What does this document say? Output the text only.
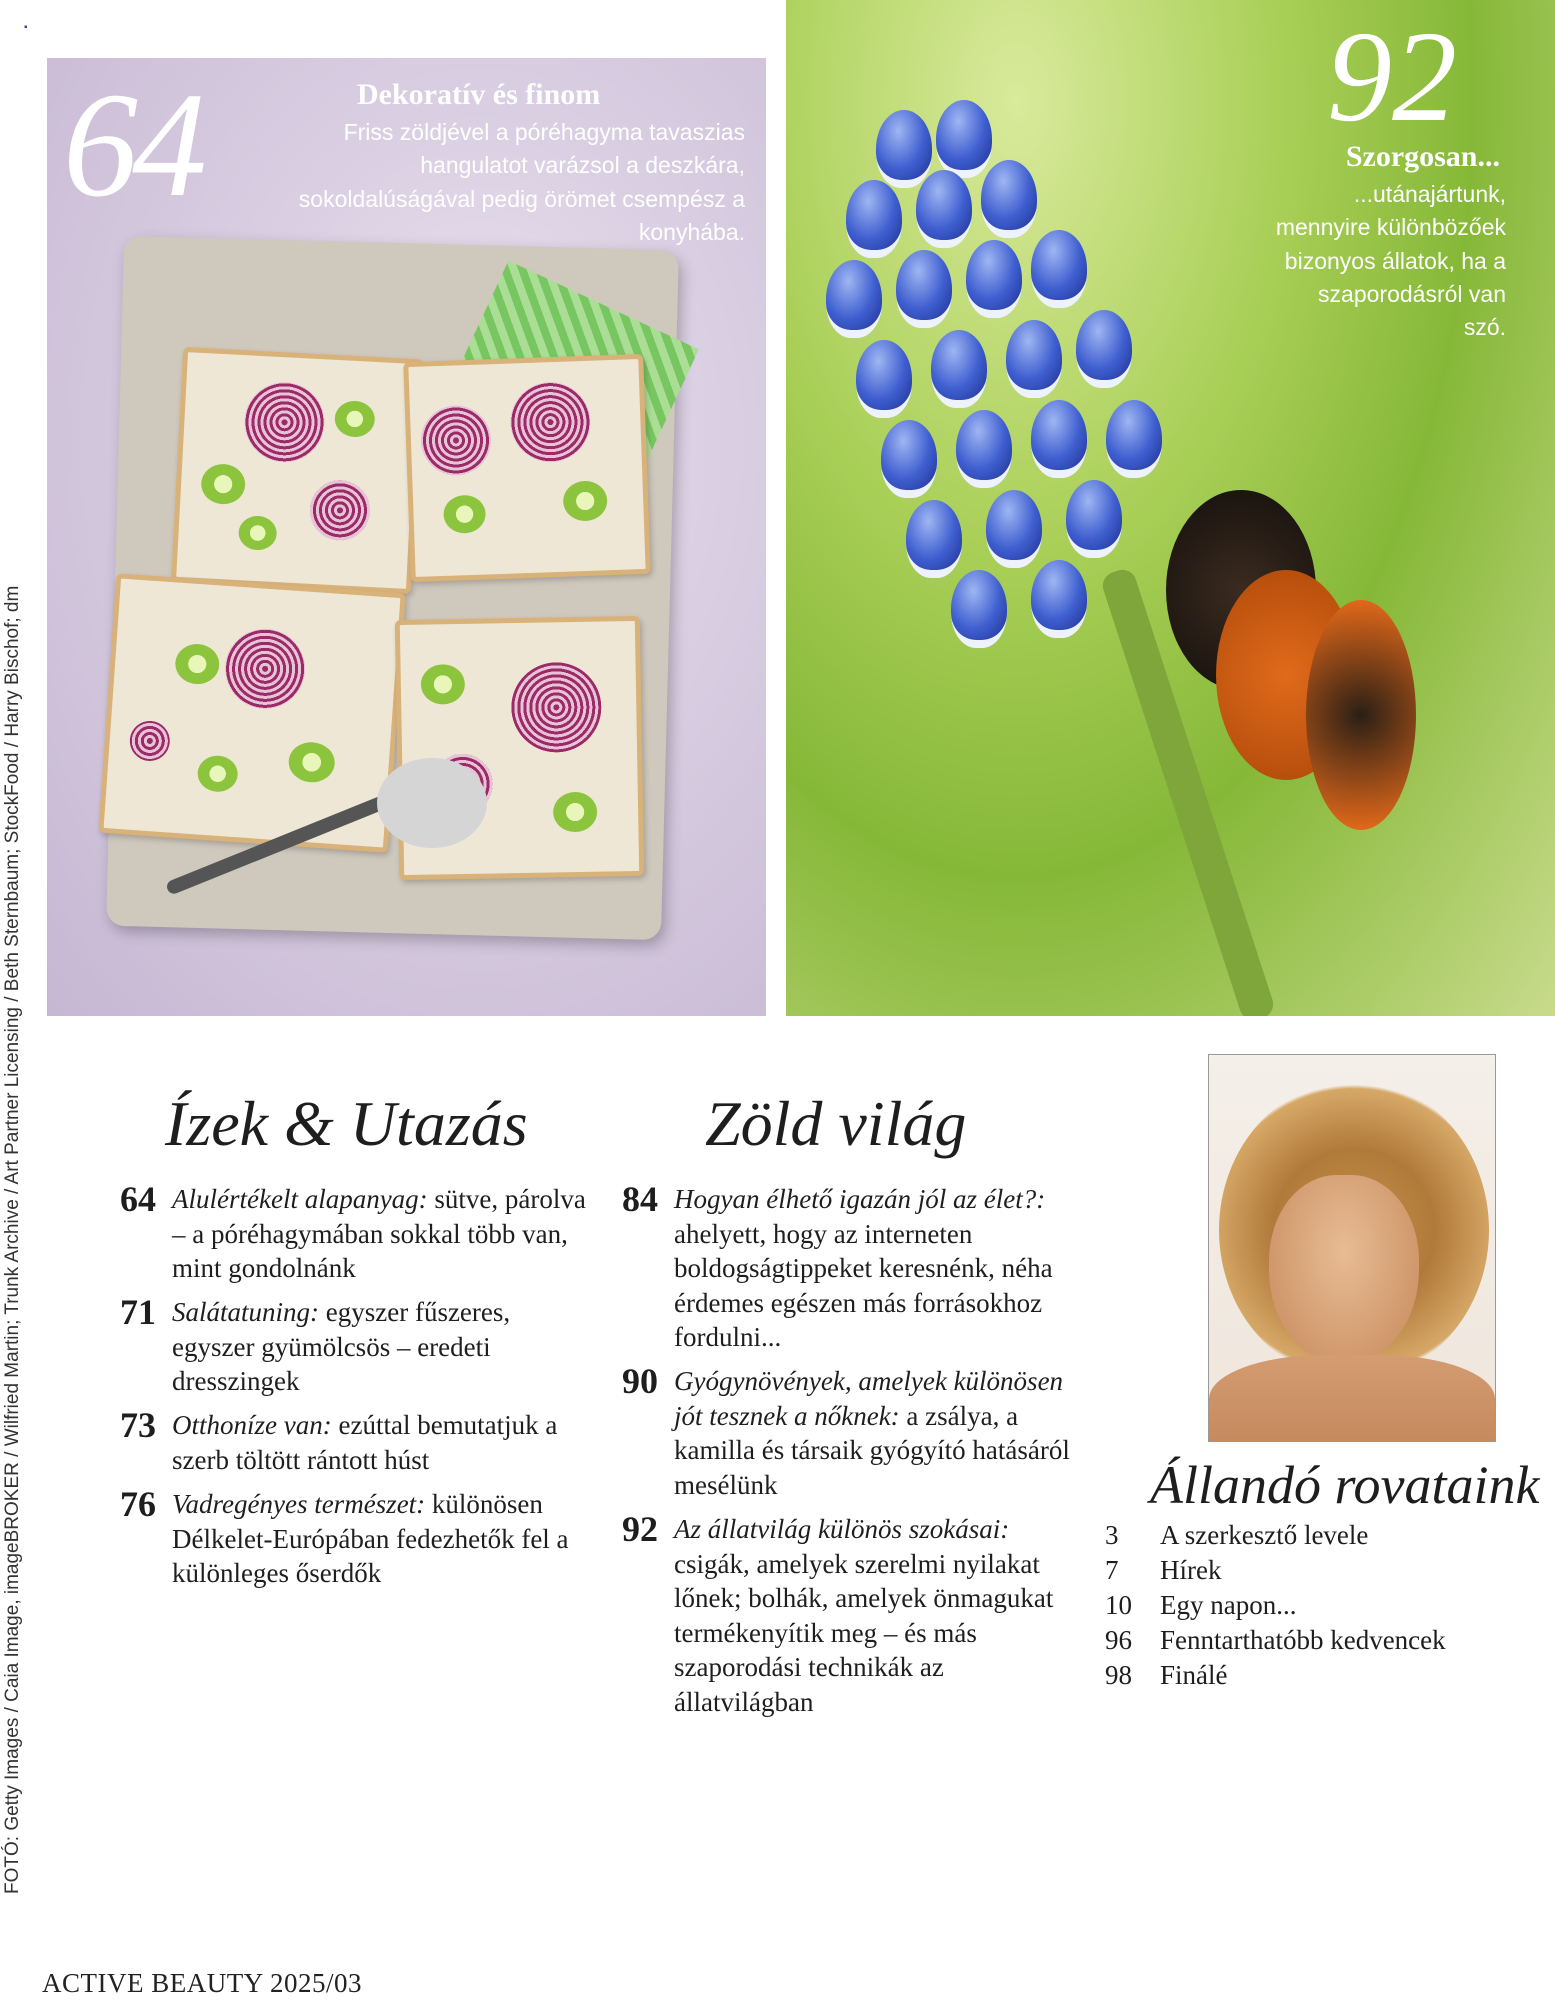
▪
FOTÓ: Getty Images / Caia Image, imageBROKER / Wilfried Martin; Trunk Archive / Art Partner Licensing / Beth Sternbaum; StockFood / Harry Bischof; dm
64	Dekoratív és finom
Friss zöldjével a póréhagyma tavaszias hangulatot varázsol a deszkára, sokoldalúságával pedig örömet csempész a konyhába.
92
Szorgosan...
...utánajártunk, mennyire különbözőek bizonyos állatok, ha a szaporodásról van szó.
Ízek & Utazás
64 Alulértékelt alapanyag: sütve, párolva – a póréhagymában sokkal több van, mint gondolnánk
71 Salátatuning: egyszer fűszeres, egyszer gyümölcsös – eredeti dresszingek
73 Otthoníze van: ezúttal bemutatjuk a szerb töltött rántott húst
76 Vadregényes természet: különösen Délkelet-Európában fedezhetők fel a különleges őserdők
Zöld világ
84 Hogyan élhető igazán jól az élet?: ahelyett, hogy az interneten boldogságtippeket keresnénk, néha érdemes egészen más forrásokhoz fordulni...
90 Gyógynövények, amelyek különösen jót tesznek a nőknek: a zsálya, a kamilla és társaik gyógyító hatásáról mesélünk
92 Az állatvilág különös szokásai: csigák, amelyek szerelmi nyilakat lőnek; bolhák, amelyek önmagukat termékenyítik meg – és más szaporodási technikák az állatvilágban
Állandó rovataink
3 A szerkesztő levele
7 Hírek
10 Egy napon...
96 Fenntarthatóbb kedvencek
98 Finálé
ACTIVE BEAUTY 2025/03
